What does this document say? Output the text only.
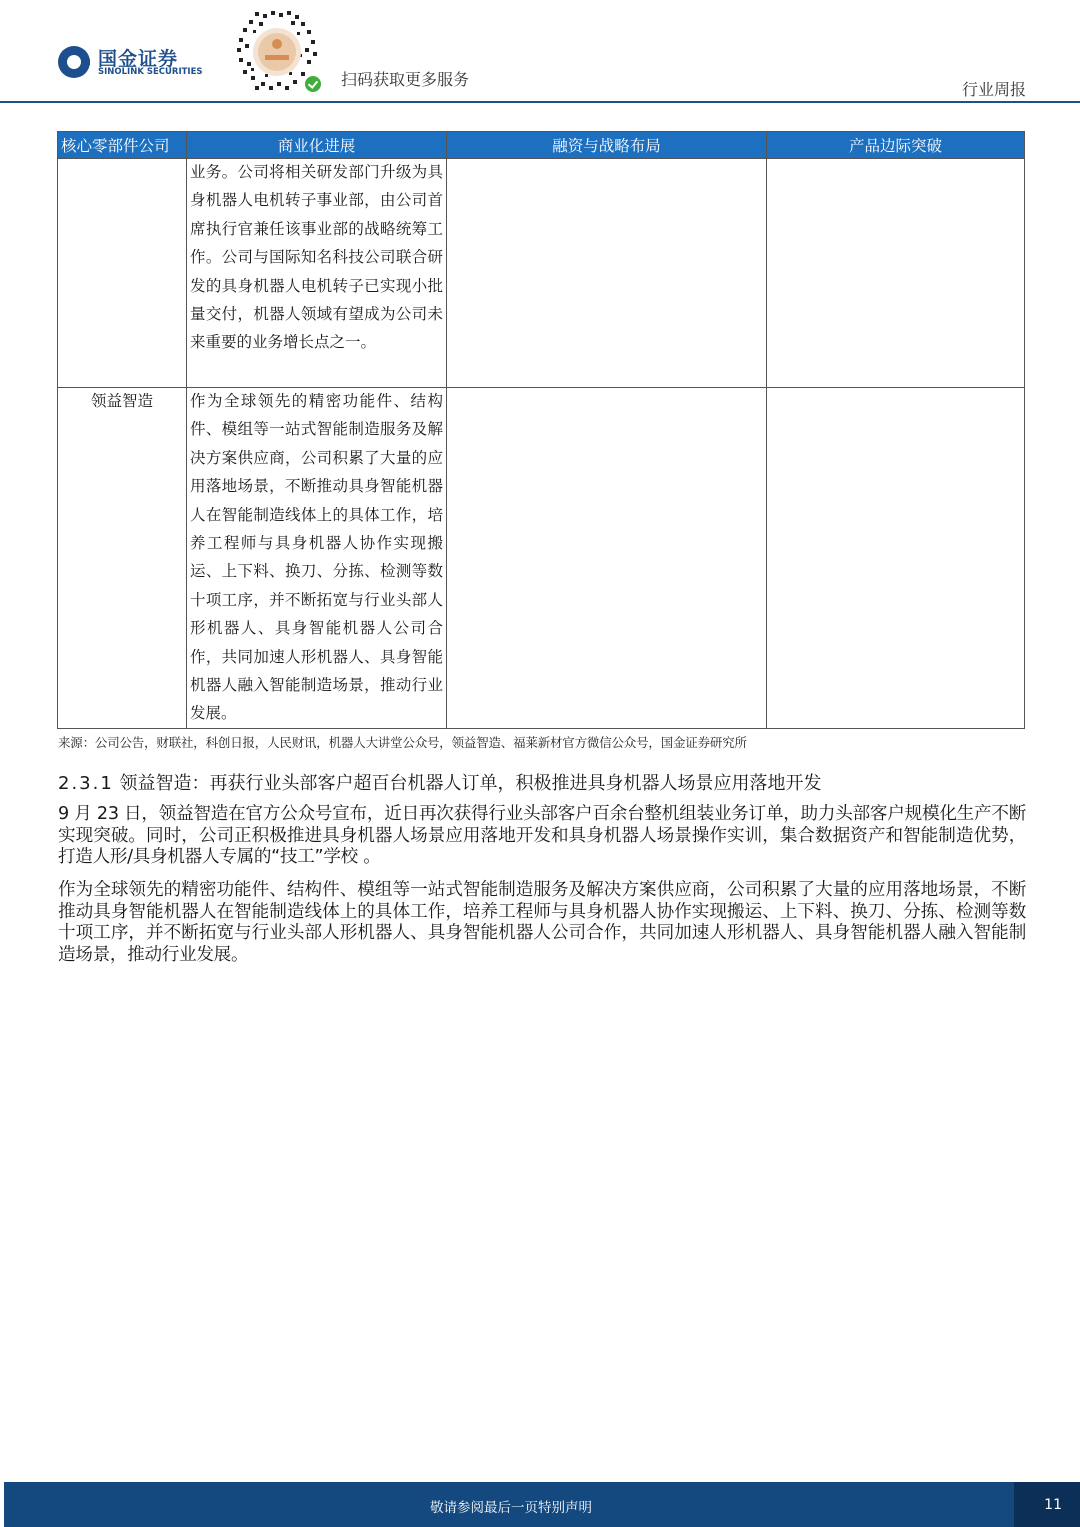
国金证券
SINOLINK SECURITIES	扫码获取更多服务
行业周报
核心零部件公司	商业化进展	融资与战略布局	产品边际突破

	业务。公司将相关研发部门升级为具身机器人电机转子事业部，由公司首席执行官兼任该事业部的战略统筹工作。公司与国际知名科技公司联合研发的具身机器人电机转子已实现小批量交付，机器人领域有望成为公司未来重要的业务增长点之一。		

领益智造	作为全球领先的精密功能件、结构件、模组等一站式智能制造服务及解决方案供应商，公司积累了大量的应用落地场景，不断推动具身智能机器人在智能制造线体上的具体工作，培养工程师与具身机器人协作实现搬运、上下料、换刀、分拣、检测等数十项工序，并不断拓宽与行业头部人形机器人、具身智能机器人公司合作，共同加速人形机器人、具身智能机器人融入智能制造场景，推动行业发展。		

来源：公司公告，财联社，科创日报，人民财讯，机器人大讲堂公众号，领益智造、福莱新材官方微信公众号，国金证券研究所
2.3.1 领益智造：再获行业头部客户超百台机器人订单，积极推进具身机器人场景应用落地开发
9 月 23 日，领益智造在官方公众号宣布，近日再次获得行业头部客户百余台整机组装业务订单，助力头部客户规模化生产不断实现突破。同时，公司正积极推进具身机器人场景应用落地开发和具身机器人场景操作实训，集合数据资产和智能制造优势，打造人形/具身机器人专属的“技工”学校 。
作为全球领先的精密功能件、结构件、模组等一站式智能制造服务及解决方案供应商，公司积累了大量的应用落地场景，不断推动具身智能机器人在智能制造线体上的具体工作，培养工程师与具身机器人协作实现搬运、上下料、换刀、分拣、检测等数十项工序，并不断拓宽与行业头部人形机器人、具身智能机器人公司合作，共同加速人形机器人、具身智能机器人融入智能制造场景，推动行业发展。
敬请参阅最后一页特别声明	11
